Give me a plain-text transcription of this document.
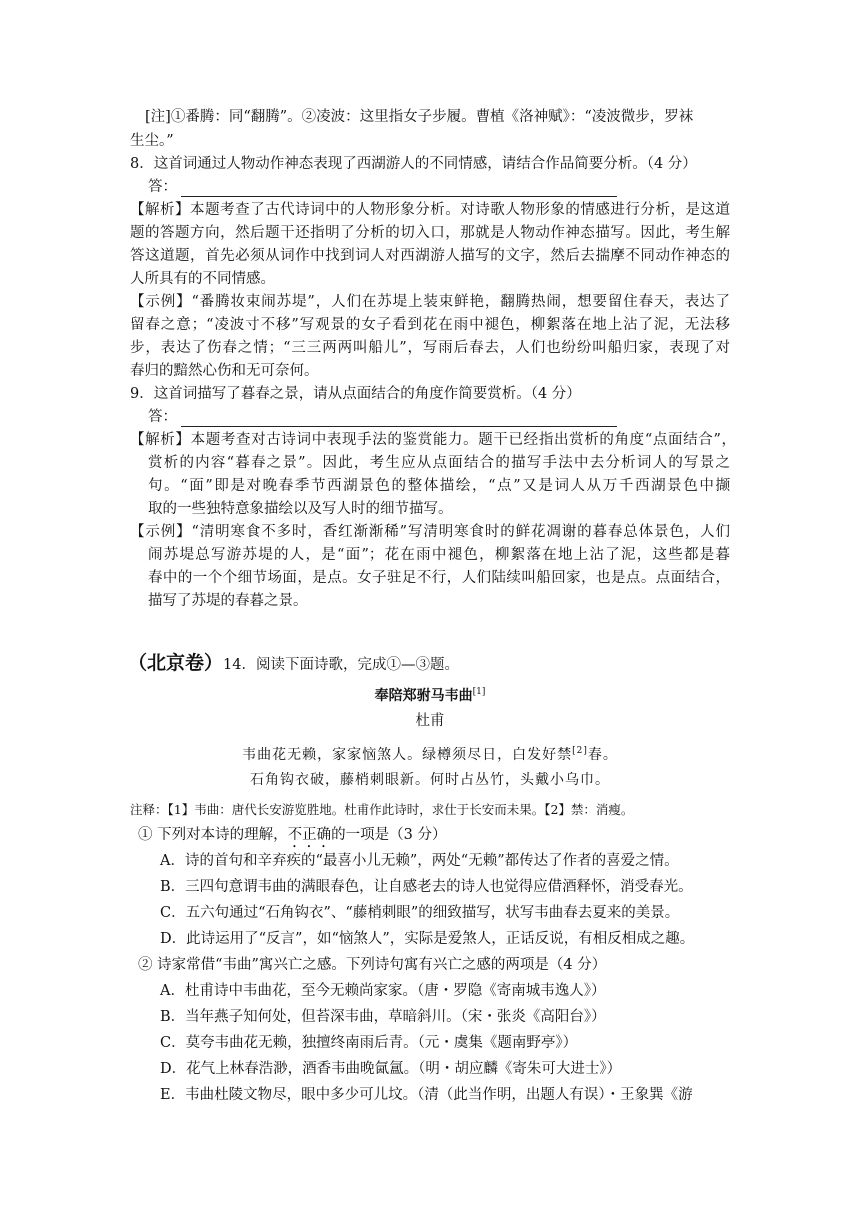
[注]①番腾：同“翻腾”。②凌波：这里指女子步履。曹植《洛神赋》：“凌波微步，罗袜
生尘。”
8．这首词通过人物动作神态表现了西湖游人的不同情感，请结合作品简要分析。（4 分）
答：
【解析】本题考查了古代诗词中的人物形象分析。对诗歌人物形象的情感进行分析，是这道
题的答题方向，然后题干还指明了分析的切入口，那就是人物动作神态描写。因此，考生解
答这道题，首先必须从词作中找到词人对西湖游人描写的文字，然后去揣摩不同动作神态的
人所具有的不同情感。
【示例】“番腾妆束闹苏堤”，人们在苏堤上装束鲜艳，翻腾热闹，想要留住春天，表达了
留春之意；“凌波寸不移”写观景的女子看到花在雨中褪色，柳絮落在地上沾了泥，无法移
步，表达了伤春之情；“三三两两叫船儿”，写雨后春去，人们也纷纷叫船归家，表现了对
春归的黯然心伤和无可奈何。
9．这首词描写了暮春之景，请从点面结合的角度作简要赏析。（4 分）
答：
【解析】本题考查对古诗词中表现手法的鉴赏能力。题干已经指出赏析的角度“点面结合”，
赏析的内容“暮春之景”。因此，考生应从点面结合的描写手法中去分析词人的写景之
句。“面”即是对晚春季节西湖景色的整体描绘，“点”又是词人从万千西湖景色中撷
取的一些独特意象描绘以及写人时的细节描写。
【示例】“清明寒食不多时，香红渐渐稀”写清明寒食时的鲜花凋谢的暮春总体景色，人们
闹苏堤总写游苏堤的人，是“面”；花在雨中褪色，柳絮落在地上沾了泥，这些都是暮
春中的一个个细节场面，是点。女子驻足不行，人们陆续叫船回家，也是点。点面结合，
描写了苏堤的春暮之景。
（北京卷）14．阅读下面诗歌，完成①—③题。
奉陪郑驸马韦曲[1]
杜甫
韦曲花无赖，家家恼煞人。绿樽须尽日，白发好禁[2]春。
石角钩衣破，藤梢刺眼新。何时占丛竹，头戴小乌巾。
注释：【1】韦曲：唐代长安游览胜地。杜甫作此诗时，求仕于长安而未果。【2】禁：消瘦。
① 下列对本诗的理解，不正确的一项是（3 分）
A．诗的首句和辛弃疾的“最喜小儿无赖”，两处“无赖”都传达了作者的喜爱之情。
B．三四句意谓韦曲的满眼春色，让自感老去的诗人也觉得应借酒释怀，消受春光。
C．五六句通过“石角钩衣”、“藤梢刺眼”的细致描写，状写韦曲春去夏来的美景。
D．此诗运用了“反言”，如“恼煞人”，实际是爱煞人，正话反说，有相反相成之趣。
② 诗家常借“韦曲”寓兴亡之感。下列诗句寓有兴亡之感的两项是（4 分）
A．杜甫诗中韦曲花，至今无赖尚家家。（唐・罗隐《寄南城韦逸人》）
B．当年燕子知何处，但苔深韦曲，草暗斜川。（宋・张炎《高阳台》）
C．莫夸韦曲花无赖，独擅终南雨后青。（元・虞集《题南野亭》）
D．花气上林春浩渺，酒香韦曲晚氤氲。（明・胡应麟《寄朱可大进士》）
E．韦曲杜陵文物尽，眼中多少可儿坟。（清（此当作明，出题人有误）・王象巽《游
